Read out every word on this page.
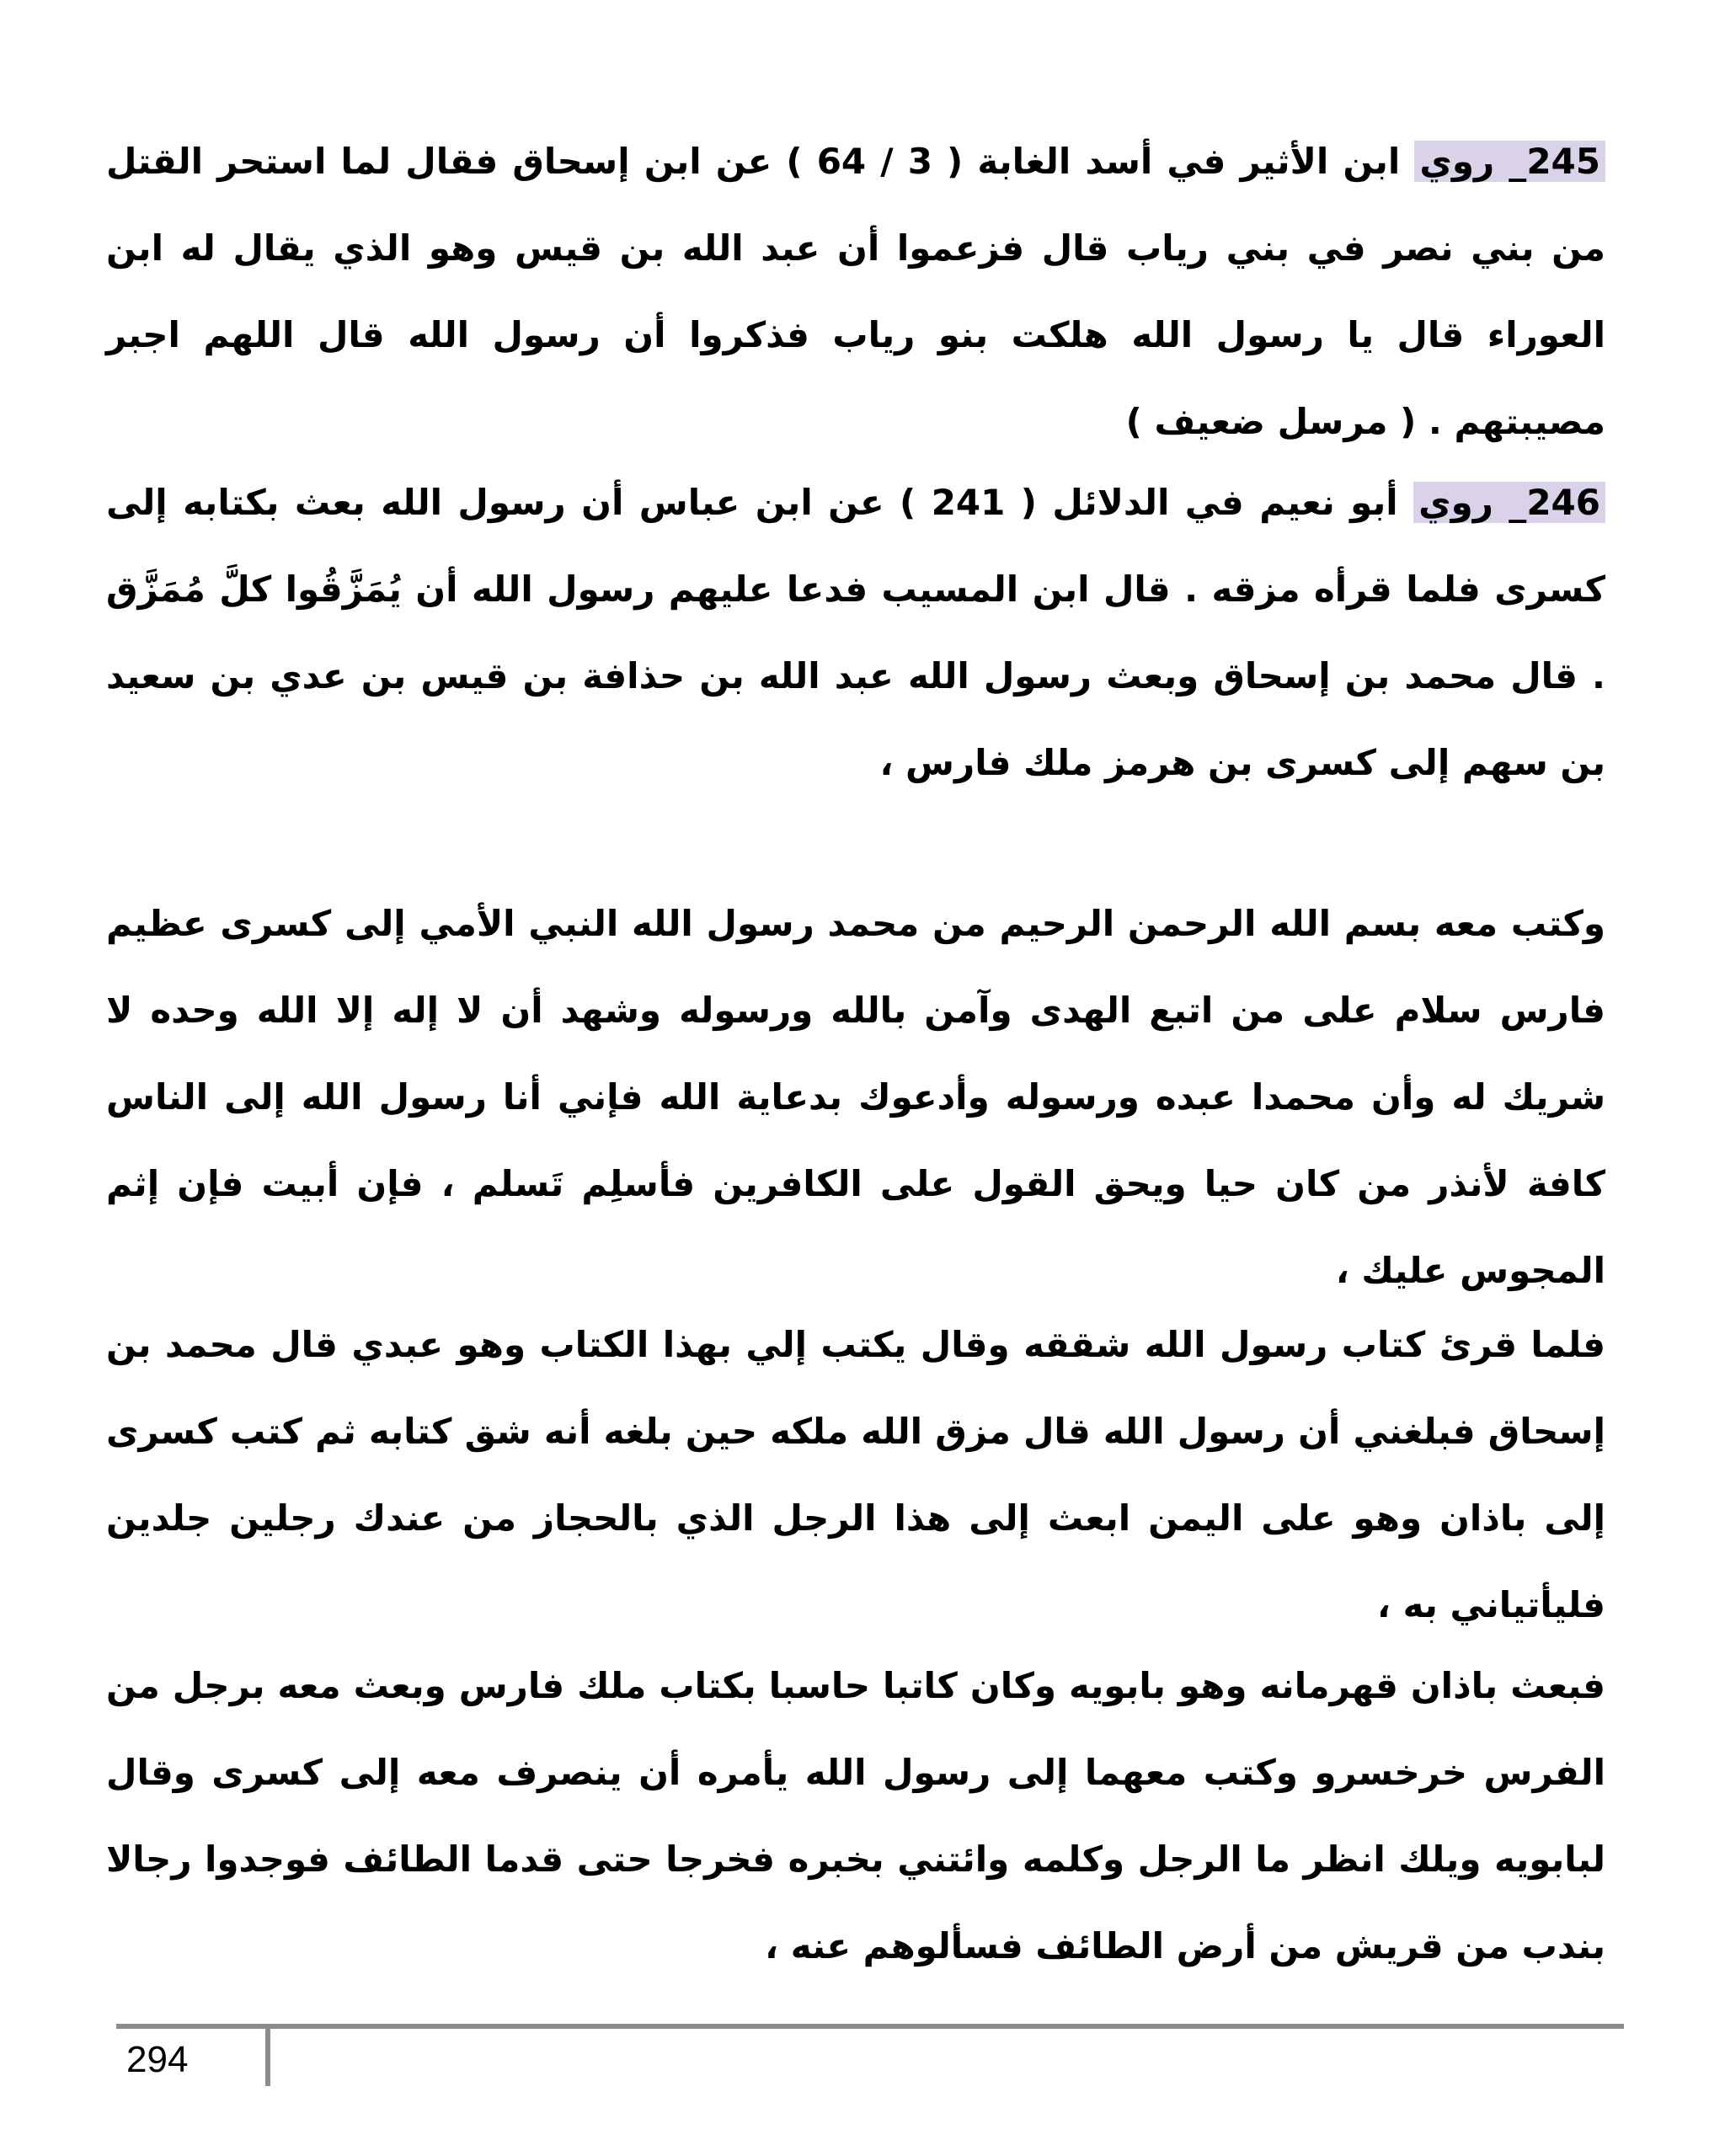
245_ روي ابن الأثير في أسد الغابة ( 3 / 64 ) عن ابن إسحاق فقال لما استحر القتل من بني نصر في بني رياب قال فزعموا أن عبد الله بن قيس وهو الذي يقال له ابن العوراء قال يا رسول الله هلكت بنو رياب فذكروا أن رسول الله قال اللهم اجبر مصيبتهم . ( مرسل ضعيف )

246_ روي أبو نعيم في الدلائل ( 241 ) عن ابن عباس أن رسول الله بعث بكتابه إلى كسرى فلما قرأه مزقه . قال ابن المسيب فدعا عليهم رسول الله أن يُمَزَّقُوا كلَّ مُمَزَّق . قال محمد بن إسحاق وبعث رسول الله عبد الله بن حذافة بن قيس بن عدي بن سعيد بن سهم إلى كسرى بن هرمز ملك فارس ،

وكتب معه بسم الله الرحمن الرحيم من محمد رسول الله النبي الأمي إلى كسرى عظيم فارس سلام على من اتبع الهدى وآمن بالله ورسوله وشهد أن لا إله إلا الله وحده لا شريك له وأن محمدا عبده ورسوله وأدعوك بدعاية الله فإني أنا رسول الله إلى الناس كافة لأنذر من كان حيا ويحق القول على الكافرين فأسلِم تَسلم ، فإن أبيت فإن إثم المجوس عليك ،

فلما قرئ كتاب رسول الله شققه وقال يكتب إلي بهذا الكتاب وهو عبدي قال محمد بن إسحاق فبلغني أن رسول الله قال مزق الله ملكه حين بلغه أنه شق كتابه ثم كتب كسرى إلى باذان وهو على اليمن ابعث إلى هذا الرجل الذي بالحجاز من عندك رجلين جلدين فليأتياني به ،

فبعث باذان قهرمانه وهو بابويه وكان كاتبا حاسبا بكتاب ملك فارس وبعث معه برجل من الفرس خرخسرو وكتب معهما إلى رسول الله يأمره أن ينصرف معه إلى كسرى وقال لبابويه ويلك انظر ما الرجل وكلمه وائتني بخبره فخرجا حتى قدما الطائف فوجدوا رجالا بندب من قريش من أرض الطائف فسألوهم عنه ،

294
